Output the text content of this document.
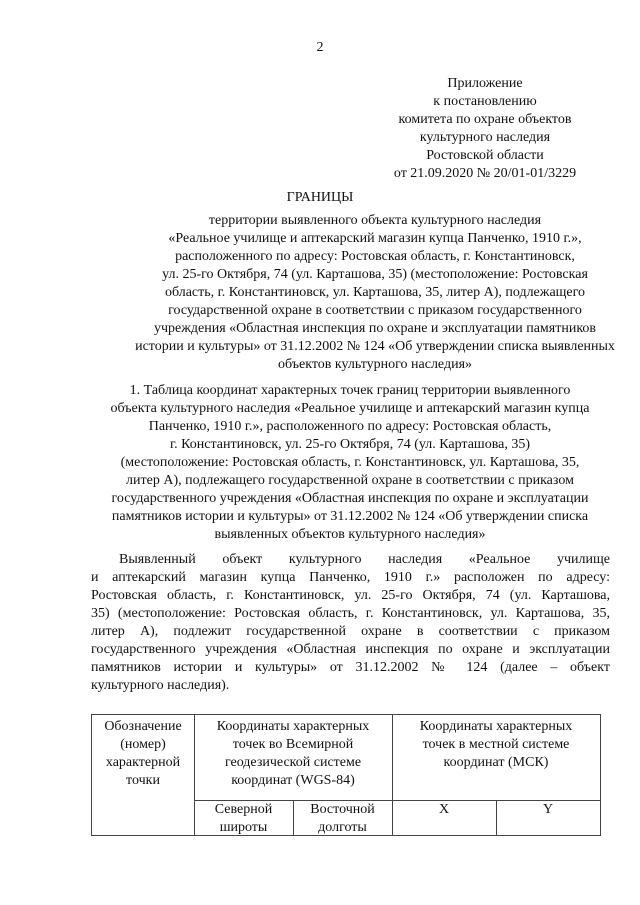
2
Приложение
к постановлению
комитета по охране объектов
культурного наследия
Ростовской области
от 21.09.2020 № 20/01-01/3229
ГРАНИЦЫ
территории выявленного объекта культурного наследия
«Реальное училище и аптекарский магазин купца Панченко, 1910 г.»,
расположенного по адресу: Ростовская область, г. Константиновск,
ул. 25-го Октября, 74 (ул. Карташова, 35) (местоположение: Ростовская
область, г. Константиновск, ул. Карташова, 35, литер А), подлежащего
государственной охране в соответствии с приказом государственного
учреждения «Областная инспекция по охране и эксплуатации памятников
истории и культуры» от 31.12.2002 № 124 «Об утверждении списка выявленных
объектов культурного наследия»
1. Таблица координат характерных точек границ территории выявленного
объекта культурного наследия «Реальное училище и аптекарский магазин купца
Панченко, 1910 г.», расположенного по адресу: Ростовская область,
г. Константиновск, ул. 25-го Октября, 74 (ул. Карташова, 35)
(местоположение: Ростовская область, г. Константиновск, ул. Карташова, 35,
литер А), подлежащего государственной охране в соответствии с приказом
государственного учреждения «Областная инспекция по охране и эксплуатации
памятников истории и культуры» от 31.12.2002 № 124 «Об утверждении списка
выявленных объектов культурного наследия»
Выявленный объект культурного наследия «Реальное училище
и аптекарский магазин купца Панченко, 1910 г.» расположен по адресу:
Ростовская область, г. Константиновск, ул. 25-го Октября, 74 (ул. Карташова,
35) (местоположение: Ростовская область, г. Константиновск, ул. Карташова, 35,
литер А), подлежит государственной охране в соответствии с приказом
государственного учреждения «Областная инспекция по охране и эксплуатации
памятников истории и культуры» от 31.12.2002 № 124 (далее – объект
культурного наследия).
Обозначение
(номер)
характерной
точки
Координаты характерных
точек во Всемирной
геодезической системе
координат (WGS-84)
Координаты характерных
точек в местной системе
координат (МСК)
Северной
широты
Восточной
долготы
X	Y
